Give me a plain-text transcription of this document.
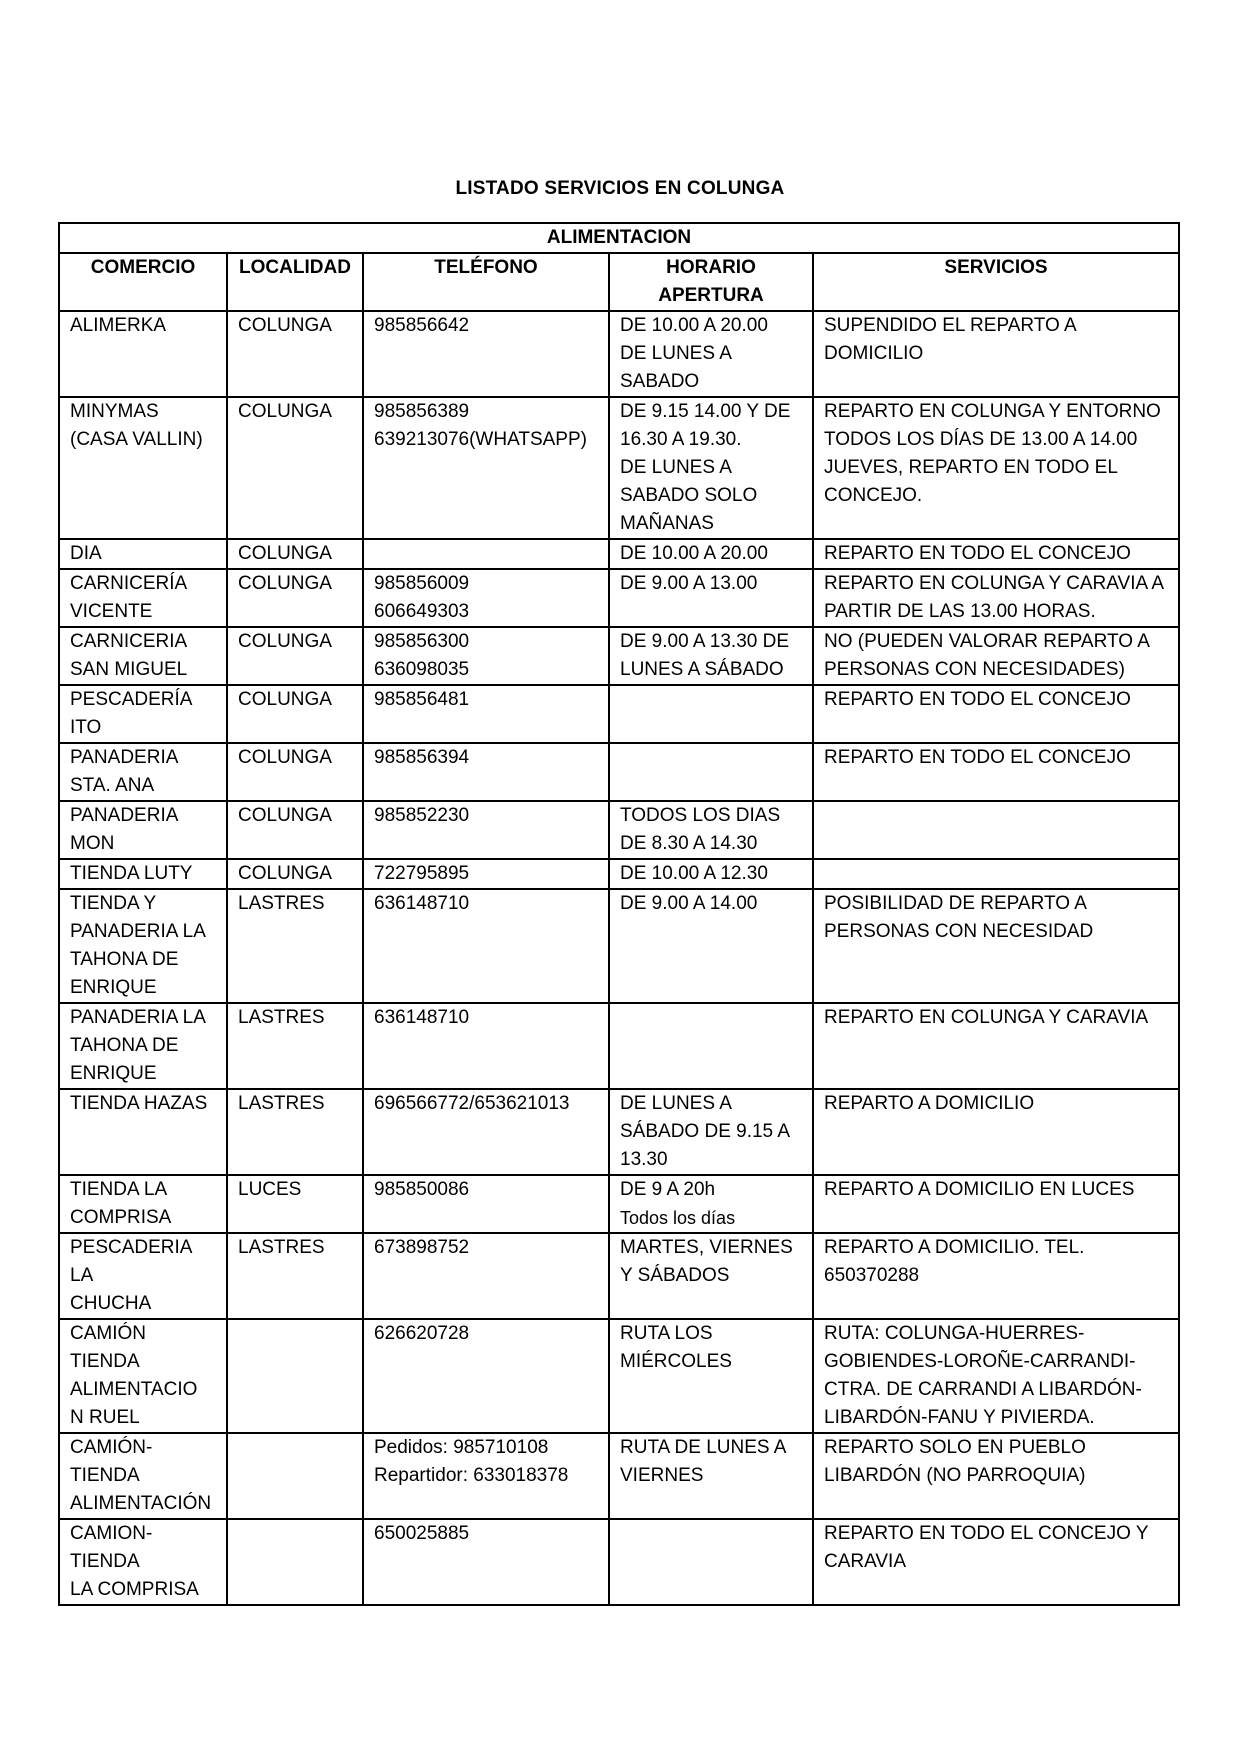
LISTADO SERVICIOS EN COLUNGA
ALIMENTACION				

COMERCIO	LOCALIDAD	TELÉFONO	HORARIO
APERTURA	SERVICIOS

ALIMERKA	COLUNGA	985856642	DE 10.00 A 20.00
DE LUNES A
SABADO	SUPENDIDO EL REPARTO A
DOMICILIO

MINYMAS
(CASA VALLIN)	COLUNGA	985856389
639213076(WHATSAPP)	DE 9.15 14.00 Y DE
16.30 A 19.30.
DE LUNES A
SABADO SOLO
MAÑANAS	REPARTO EN COLUNGA Y ENTORNO
TODOS LOS DÍAS DE 13.00 A 14.00
JUEVES, REPARTO EN TODO EL
CONCEJO.

DIA	COLUNGA		DE 10.00 A 20.00	REPARTO EN TODO EL CONCEJO

CARNICERÍA
VICENTE	COLUNGA	985856009
606649303	DE 9.00 A 13.00	REPARTO EN COLUNGA Y CARAVIA A
PARTIR DE LAS 13.00 HORAS.

CARNICERIA
SAN MIGUEL	COLUNGA	985856300
636098035	DE 9.00 A 13.30 DE
LUNES A SÁBADO	NO (PUEDEN VALORAR REPARTO A
PERSONAS CON NECESIDADES)

PESCADERÍA
ITO	COLUNGA	985856481		REPARTO EN TODO EL CONCEJO

PANADERIA
STA. ANA	COLUNGA	985856394		REPARTO EN TODO EL CONCEJO

PANADERIA
MON	COLUNGA	985852230	TODOS LOS DIAS
DE 8.30 A 14.30	

TIENDA LUTY	COLUNGA	722795895	DE 10.00 A 12.30	

TIENDA Y
PANADERIA LA
TAHONA DE
ENRIQUE	LASTRES	636148710	DE 9.00 A 14.00	POSIBILIDAD DE REPARTO A
PERSONAS CON NECESIDAD

PANADERIA LA
TAHONA DE
ENRIQUE	LASTRES	636148710		REPARTO EN COLUNGA Y CARAVIA

TIENDA HAZAS	LASTRES	696566772/653621013	DE LUNES A
SÁBADO DE 9.15 A
13.30	REPARTO A DOMICILIO

TIENDA LA
COMPRISA	LUCES	985850086	DE 9 A 20h
Todos los días	REPARTO A DOMICILIO EN LUCES

PESCADERIA LA
CHUCHA	LASTRES	673898752	MARTES, VIERNES
Y SÁBADOS	REPARTO A DOMICILIO. TEL.
650370288

CAMIÓN
TIENDA
ALIMENTACIO
N RUEL		626620728	RUTA LOS
MIÉRCOLES	RUTA: COLUNGA-HUERRES-
GOBIENDES-LOROÑE-CARRANDI-
CTRA. DE CARRANDI A LIBARDÓN-
LIBARDÓN-FANU Y PIVIERDA.

CAMIÓN-
TIENDA
ALIMENTACIÓN		Pedidos: 985710108
Repartidor: 633018378	RUTA DE LUNES A
VIERNES	REPARTO SOLO EN PUEBLO
LIBARDÓN (NO PARROQUIA)

CAMION-
TIENDA
LA COMPRISA		650025885		REPARTO EN TODO EL CONCEJO Y
CARAVIA
